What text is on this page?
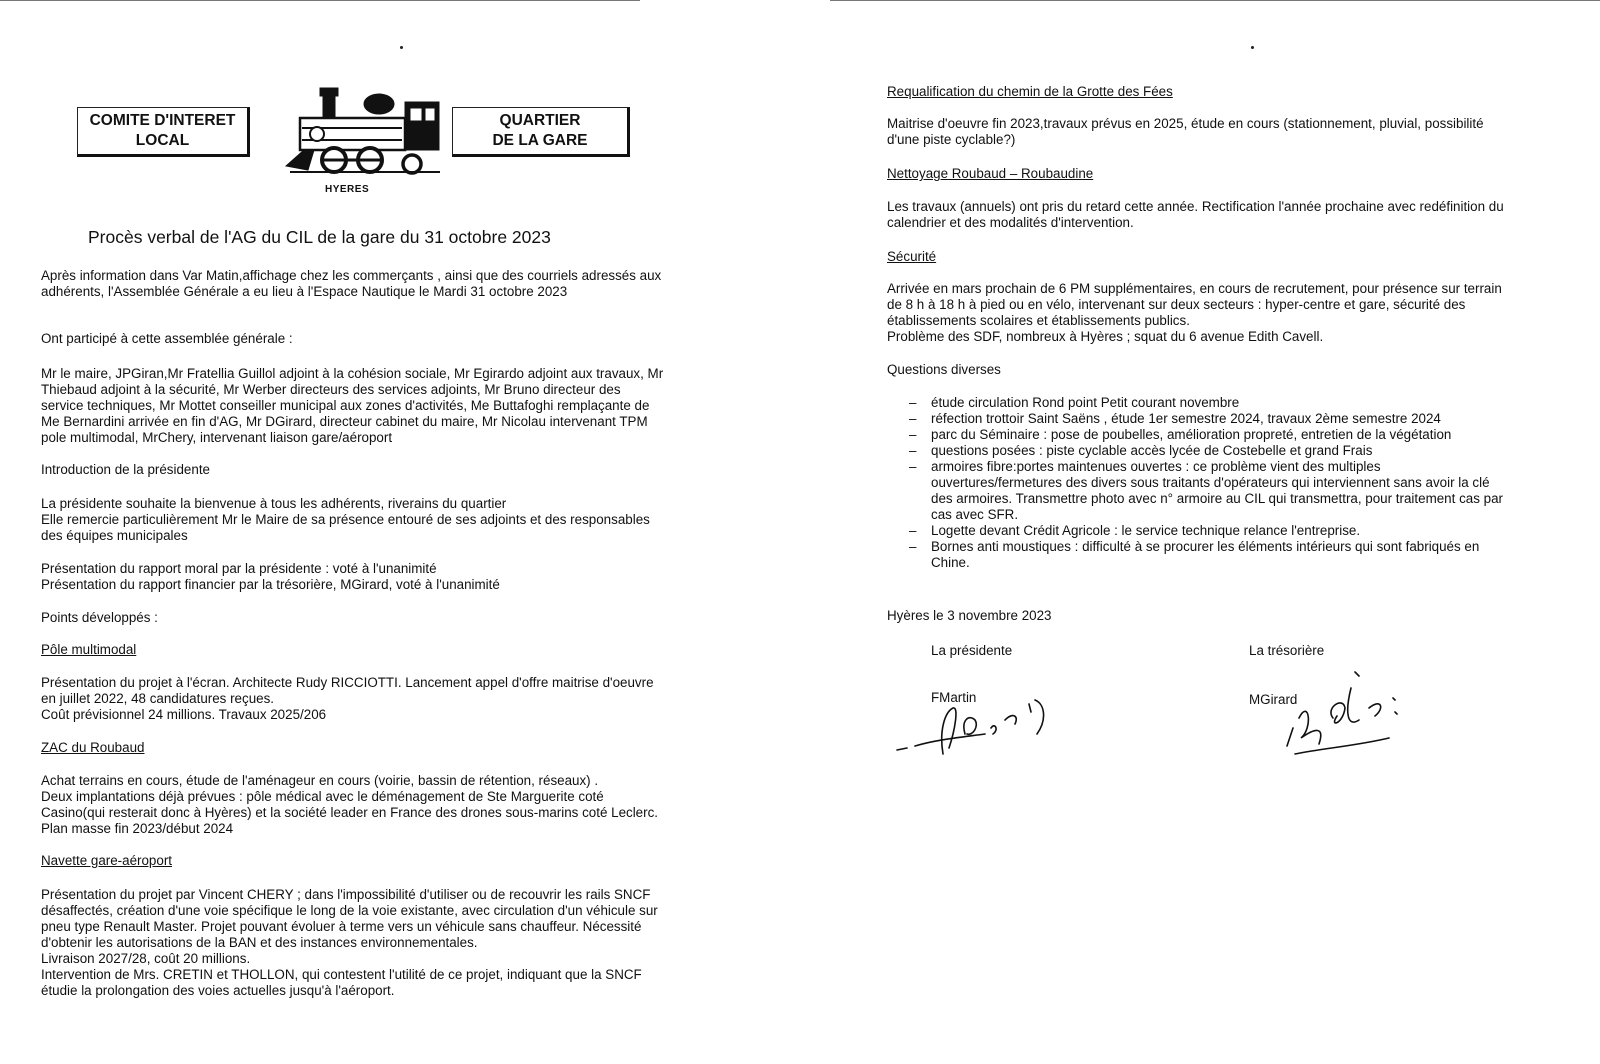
COMITE D'INTERET
LOCAL
HYERES
QUARTIER
DE LA GARE
Procès verbal de l'AG du CIL de la gare du 31 octobre 2023

Après information dans Var Matin,affichage chez les commerçants , ainsi que des courriels adressés aux adhérents, l'Assemblée Générale a eu lieu à l'Espace Nautique le Mardi 31 octobre 2023

Ont participé à cette assemblée générale :

Mr le maire, JPGiran,Mr Fratellia Guillol adjoint à la cohésion sociale, Mr Egirardo adjoint aux travaux, Mr Thiebaud adjoint à la sécurité, Mr Werber directeurs des services adjoints, Mr Bruno directeur des service techniques, Mr Mottet conseiller municipal aux zones d'activités, Me Buttafoghi remplaçante de Me Bernardini arrivée en fin d'AG, Mr DGirard, directeur cabinet du maire, Mr Nicolau intervenant TPM pole multimodal, MrChery, intervenant liaison gare/aéroport

Introduction de la présidente

La présidente souhaite la bienvenue à tous les adhérents, riverains du quartier

Elle remercie particulièrement Mr le Maire de sa présence entouré de ses adjoints et des responsables des équipes municipales

Présentation du rapport moral par la présidente : voté à l'unanimité

Présentation du rapport financier par la trésorière, MGirard, voté à l'unanimité

Points développés :

Pôle multimodal

Présentation du projet à l'écran. Architecte Rudy RICCIOTTI. Lancement appel d'offre maitrise d'oeuvre en juillet 2022, 48 candidatures reçues.

Coût prévisionnel 24 millions. Travaux 2025/206

ZAC du Roubaud

Achat terrains en cours, étude de l'aménageur en cours (voirie, bassin de rétention, réseaux) .

Deux implantations déjà prévues : pôle médical avec le déménagement de Ste Marguerite coté Casino(qui resterait donc à Hyères) et la société leader en France des drones sous-marins coté Leclerc. Plan masse fin 2023/début 2024

Navette gare-aéroport

Présentation du projet par Vincent CHERY ; dans l'impossibilité d'utiliser ou de recouvrir les rails SNCF désaffectés, création d'une voie spécifique le long de la voie existante, avec circulation d'un véhicule sur pneu type Renault Master. Projet pouvant évoluer à terme vers un véhicule sans chauffeur. Nécessité d'obtenir les autorisations de la BAN et des instances environnementales.

Livraison 2027/28, coût 20 millions.

Intervention de Mrs. CRETIN et THOLLON, qui contestent l'utilité de ce projet, indiquant que la SNCF étudie la prolongation des voies actuelles jusqu'à l'aéroport.

Requalification du chemin de la Grotte des Fées

Maitrise d'oeuvre fin 2023,travaux prévus en 2025, étude en cours (stationnement, pluvial, possibilité d'une piste cyclable?)

Nettoyage Roubaud – Roubaudine

Les travaux (annuels) ont pris du retard cette année. Rectification l'année prochaine avec redéfinition du calendrier et des modalités d'intervention.

Sécurité

Arrivée en mars prochain de 6 PM supplémentaires, en cours de recrutement, pour présence sur terrain de 8 h à 18 h à pied ou en vélo, intervenant sur deux secteurs : hyper-centre et gare, sécurité des établissements scolaires et établissements publics.

Problème des SDF, nombreux à Hyères ; squat du 6 avenue Edith Cavell.

Questions diverses

– étude circulation Rond point Petit courant novembre
– réfection trottoir Saint Saëns , étude 1er semestre 2024, travaux 2ème semestre 2024
– parc du Séminaire : pose de poubelles, amélioration propreté, entretien de la végétation
– questions posées : piste cyclable accès lycée de Costebelle et grand Frais
– armoires fibre:portes maintenues ouvertes : ce problème vient des multiples ouvertures/fermetures des divers sous traitants d'opérateurs qui interviennent sans avoir la clé des armoires. Transmettre photo avec n° armoire au CIL qui transmettra, pour traitement cas par cas avec SFR.
– Logette devant Crédit Agricole : le service technique relance l'entreprise.
– Bornes anti moustiques : difficulté à se procurer les éléments intérieurs qui sont fabriqués en Chine.

Hyères le 3 novembre 2023

La présidente	La trésorière

FMartin	MGirard
